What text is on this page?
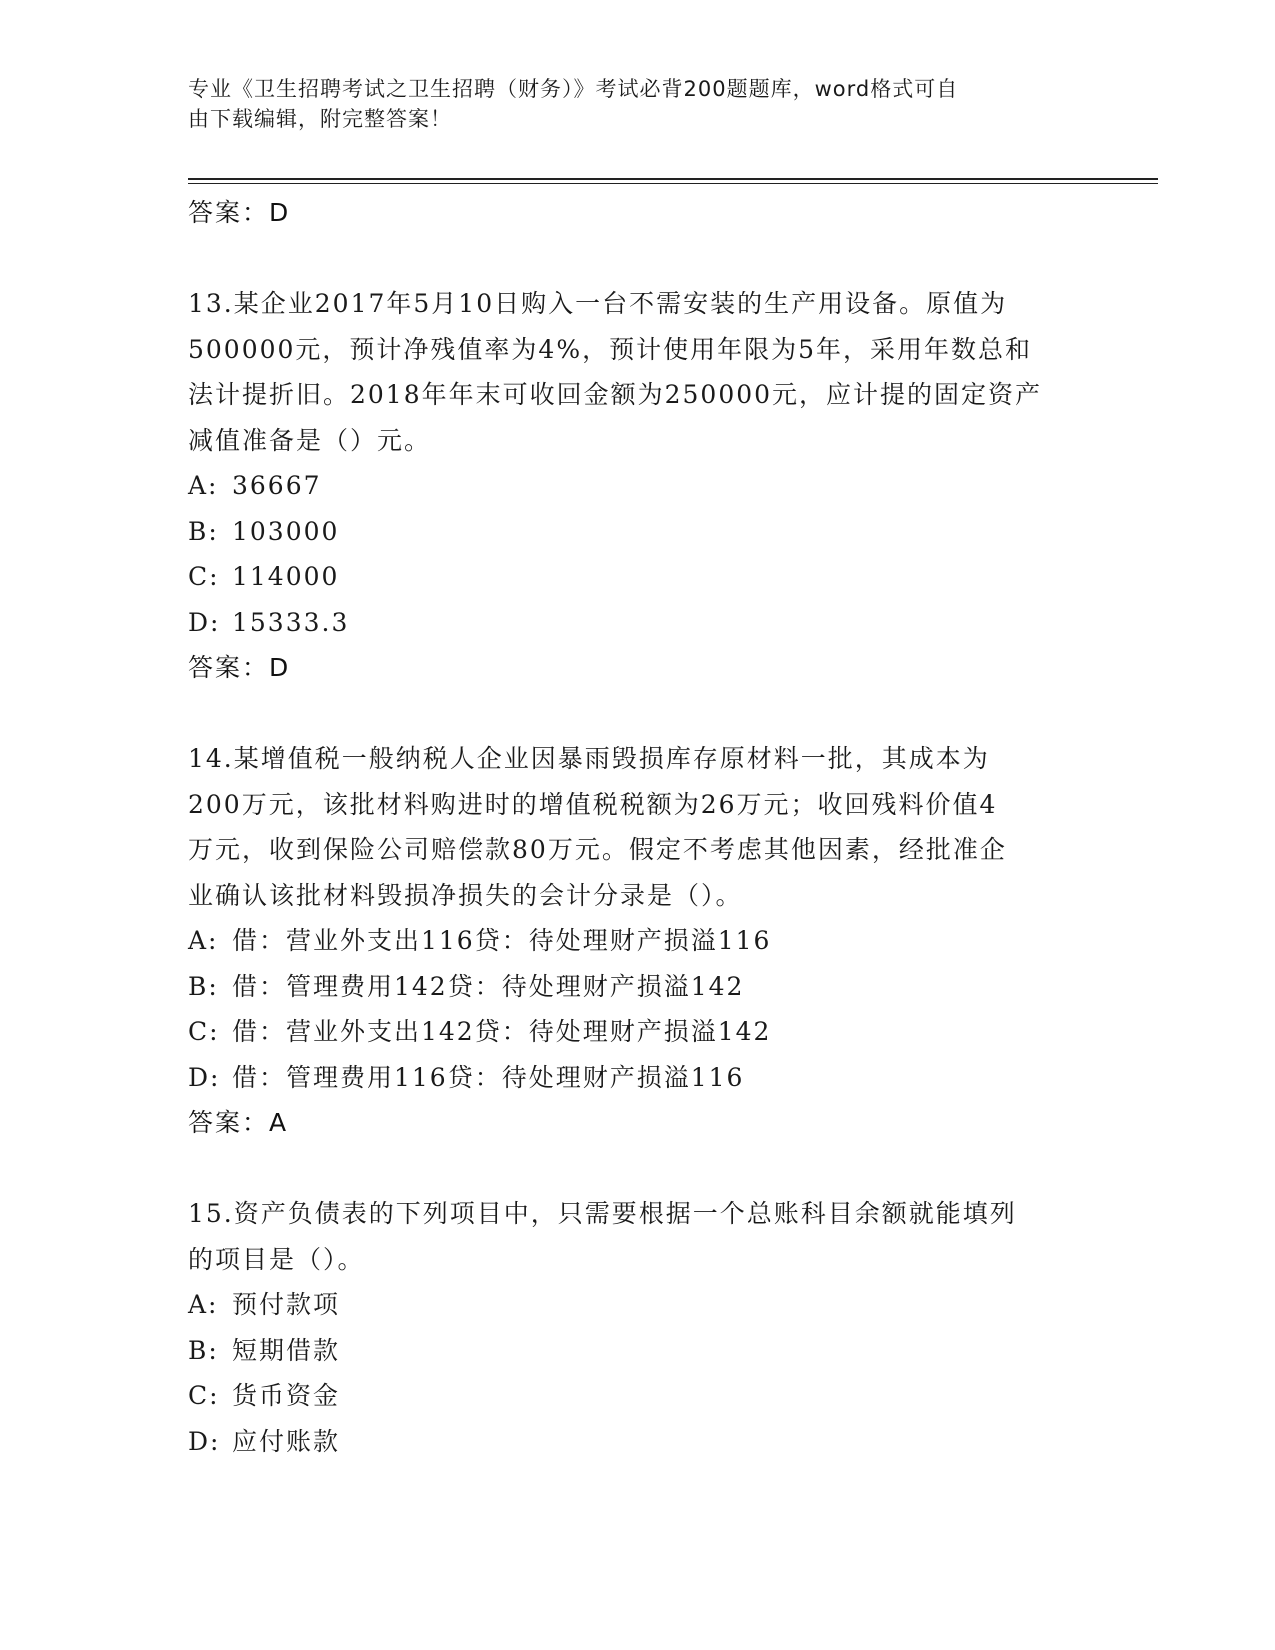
专业《卫生招聘考试之卫生招聘（财务）》考试必背200题题库，word格式可自
由下载编辑，附完整答案！
答案：D
13.某企业2017年5月10日购入一台不需安装的生产用设备。原值为
500000元，预计净残值率为4%，预计使用年限为5年，采用年数总和
法计提折旧。2018年年末可收回金额为250000元，应计提的固定资产
减值准备是（）元。
A: 36667
B: 103000
C: 114000
D: 15333.3
答案：D
14.某增值税一般纳税人企业因暴雨毁损库存原材料一批，其成本为
200万元，该批材料购进时的增值税税额为26万元；收回残料价值4
万元，收到保险公司赔偿款80万元。假定不考虑其他因素，经批准企
业确认该批材料毁损净损失的会计分录是（）。
A: 借：营业外支出116贷：待处理财产损溢116
B: 借：管理费用142贷：待处理财产损溢142
C: 借：营业外支出142贷：待处理财产损溢142
D: 借：管理费用116贷：待处理财产损溢116
答案：A
15.资产负债表的下列项目中，只需要根据一个总账科目余额就能填列
的项目是（）。
A: 预付款项
B: 短期借款
C: 货币资金
D: 应付账款
